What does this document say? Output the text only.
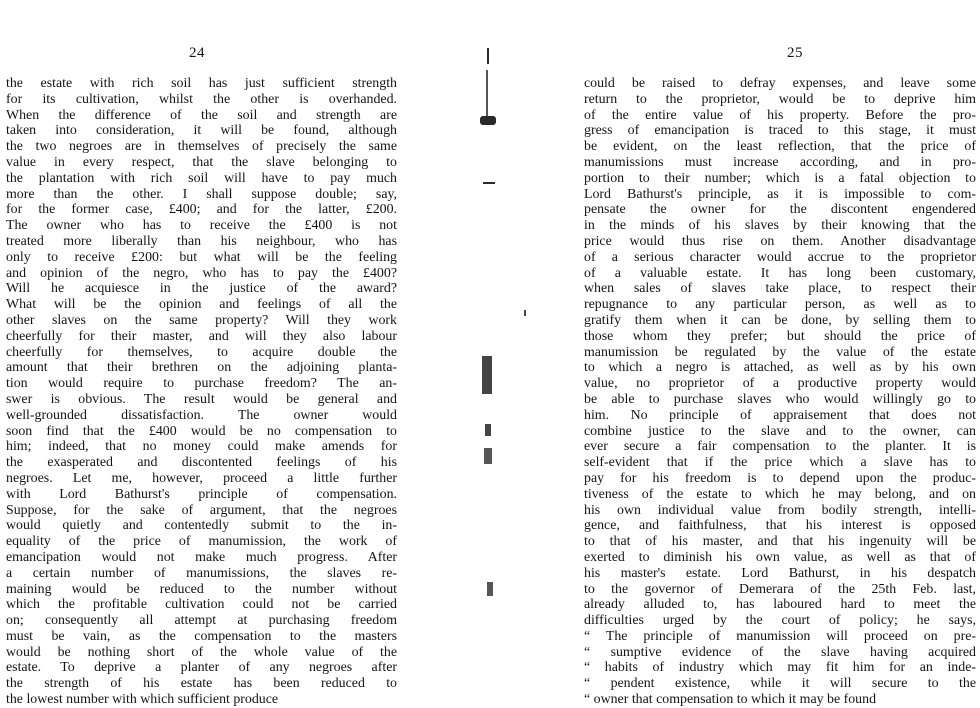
24
the estate with rich soil has just sufficient strength
for its cultivation, whilst the other is overhanded.
When the difference of the soil and strength are
taken into consideration, it will be found, although
the two negroes are in themselves of precisely the same
value in every respect, that the slave belonging to
the plantation with rich soil will have to pay much
more than the other. I shall suppose double; say,
for the former case, £400; and for the latter, £200.
The owner who has to receive the £400 is not
treated more liberally than his neighbour, who has
only to receive £200: but what will be the feeling
and opinion of the negro, who has to pay the £400?
Will he acquiesce in the justice of the award?
What will be the opinion and feelings of all the
other slaves on the same property? Will they work
cheerfully for their master, and will they also labour
cheerfully for themselves, to acquire double the
amount that their brethren on the adjoining planta-
tion would require to purchase freedom? The an-
swer is obvious. The result would be general and
well-grounded dissatisfaction. The owner would
soon find that the £400 would be no compensation to
him; indeed, that no money could make amends for
the exasperated and discontented feelings of his
negroes. Let me, however, proceed a little further
with Lord Bathurst's principle of compensation.
Suppose, for the sake of argument, that the negroes
would quietly and contentedly submit to the in-
equality of the price of manumission, the work of
emancipation would not make much progress. After
a certain number of manumissions, the slaves re-
maining would be reduced to the number without
which the profitable cultivation could not be carried
on; consequently all attempt at purchasing freedom
must be vain, as the compensation to the masters
would be nothing short of the whole value of the
estate. To deprive a planter of any negroes after
the strength of his estate has been reduced to
the lowest number with which sufficient produce
25
could be raised to defray expenses, and leave some
return to the proprietor, would be to deprive him
of the entire value of his property. Before the pro-
gress of emancipation is traced to this stage, it must
be evident, on the least reflection, that the price of
manumissions must increase according, and in pro-
portion to their number; which is a fatal objection to
Lord Bathurst's principle, as it is impossible to com-
pensate the owner for the discontent engendered
in the minds of his slaves by their knowing that the
price would thus rise on them. Another disadvantage
of a serious character would accrue to the proprietor
of a valuable estate. It has long been customary,
when sales of slaves take place, to respect their
repugnance to any particular person, as well as to
gratify them when it can be done, by selling them to
those whom they prefer; but should the price of
manumission be regulated by the value of the estate
to which a negro is attached, as well as by his own
value, no proprietor of a productive property would
be able to purchase slaves who would willingly go to
him. No principle of appraisement that does not
combine justice to the slave and to the owner, can
ever secure a fair compensation to the planter. It is
self-evident that if the price which a slave has to
pay for his freedom is to depend upon the produc-
tiveness of the estate to which he may belong, and on
his own individual value from bodily strength, intelli-
gence, and faithfulness, that his interest is opposed
to that of his master, and that his ingenuity will be
exerted to diminish his own value, as well as that of
his master's estate. Lord Bathurst, in his despatch
to the governor of Demerara of the 25th Feb. last,
already alluded to, has laboured hard to meet the
difficulties urged by the court of policy; he says,
“ The principle of manumission will proceed on pre-
“ sumptive evidence of the slave having acquired
“ habits of industry which may fit him for an inde-
“ pendent existence, while it will secure to the
“ owner that compensation to which it may be found
